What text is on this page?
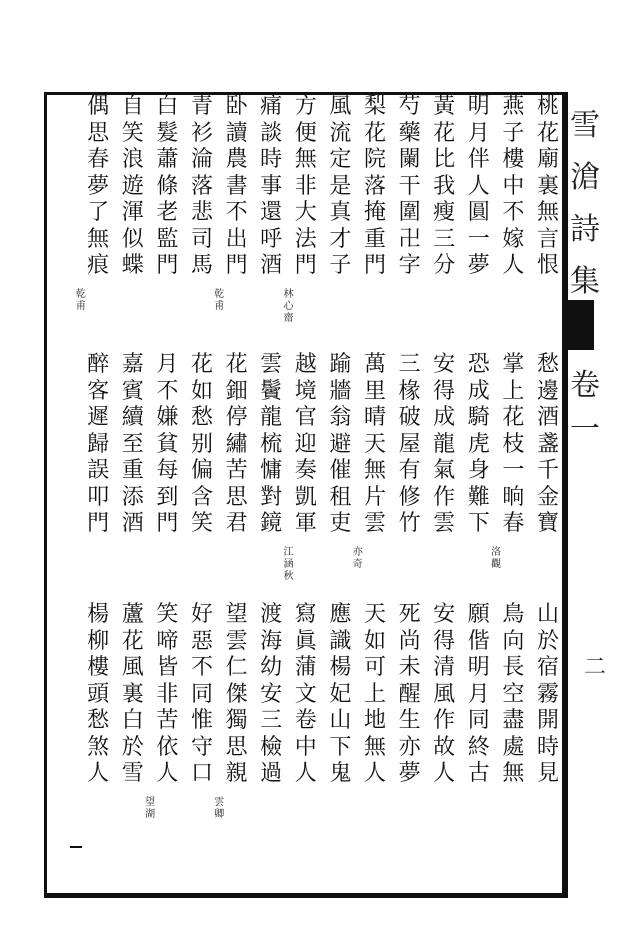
雪
滄
詩
集
卷一
二
桃
花
廟
裏
無
言
恨
燕
子
樓
中
不
嫁
人
明
月
伴
人
圓
一
夢
黃
花
比
我
瘦
三
分
芍
藥
闌
干
圍
卍
字
梨
花
院
落
掩
重
門
風
流
定
是
真
才
子
方
便
無
非
大
法
門
痛
談
時
事
還
呼
酒
卧
讀
農
書
不
出
門
青
衫
淪
落
悲
司
馬
白
髮
蕭
條
老
監
門
自
笑
浪
遊
渾
似
蝶
偶
思
春
夢
了
無
痕
林
心
齋
乾
甫
乾
甫
愁
邊
酒
盞
千
金
寶
掌
上
花
枝
一
晌
春
恐
成
騎
虎
身
難
下
安
得
成
龍
氣
作
雲
三
椽
破
屋
有
修
竹
萬
里
晴
天
無
片
雲
踰
牆
翁
避
催
租
吏
越
境
官
迎
奏
凱
軍
雲
鬢
龍
梳
慵
對
鏡
花
鈿
停
繡
苦
思
君
花
如
愁
别
偏
含
笑
月
不
嫌
貧
每
到
門
嘉
賓
續
至
重
添
酒
醉
客
遲
歸
誤
叩
門
洛
觀
亦
奇
江
涵
秋
山
於
宿
霧
開
時
見
鳥
向
長
空
盡
處
無
願
偕
明
月
同
終
古
安
得
清
風
作
故
人
死
尚
未
醒
生
亦
夢
天
如
可
上
地
無
人
應
識
楊
妃
山
下
鬼
寫
眞
蒲
文
卷
中
人
渡
海
幼
安
三
檢
過
望
雲
仁
傑
獨
思
親
好
惡
不
同
惟
守
口
笑
啼
皆
非
苦
依
人
蘆
花
風
裏
白
於
雪
楊
柳
樓
頭
愁
煞
人
雲
卿
望
湖
